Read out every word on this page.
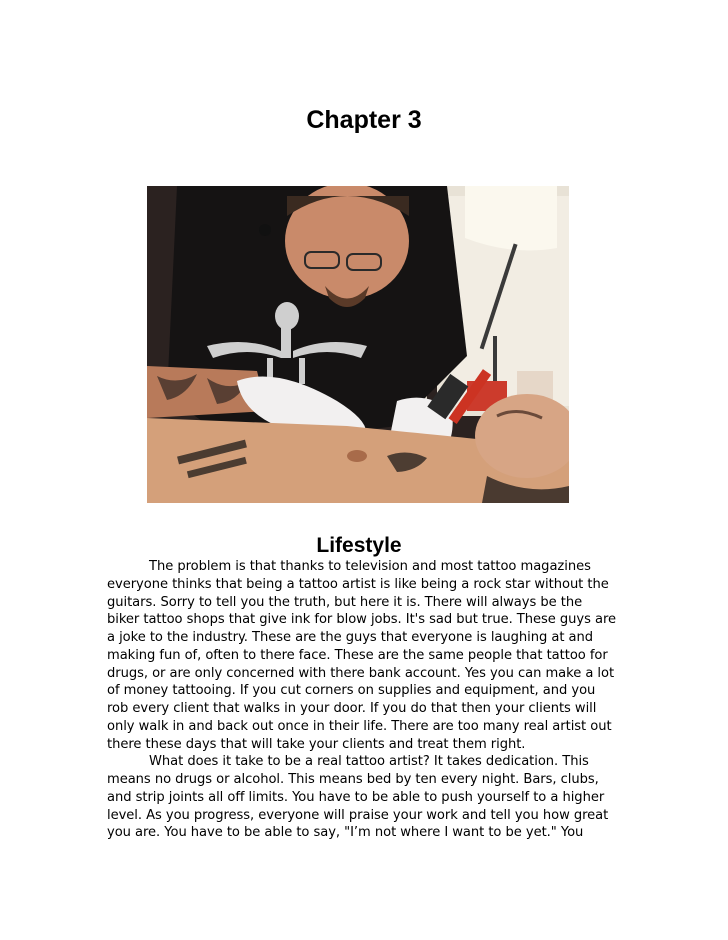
Chapter 3
Lifestyle
The problem is that thanks to television and most tattoo magazines
everyone thinks that being a tattoo artist is like being a rock star without the
guitars. Sorry to tell you the truth, but here it is. There will always be the
biker tattoo shops that give ink for blow jobs. It's sad but true. These guys are
a joke to the industry. These are the guys that everyone is laughing at and
making fun of, often to there face. These are the same people that tattoo for
drugs, or are only concerned with there bank account. Yes you can make a lot
of money tattooing. If you cut corners on supplies and equipment, and you
rob every client that walks in your door. If you do that then your clients will
only walk in and back out once in their life. There are too many real artist out
there these days that will take your clients and treat them right.
What does it take to be a real tattoo artist? It takes dedication. This
means no drugs or alcohol. This means bed by ten every night. Bars, clubs,
and strip joints all off limits. You have to be able to push yourself to a higher
level. As you progress, everyone will praise your work and tell you how great
you are. You have to be able to say, "I’m not where I want to be yet." You
